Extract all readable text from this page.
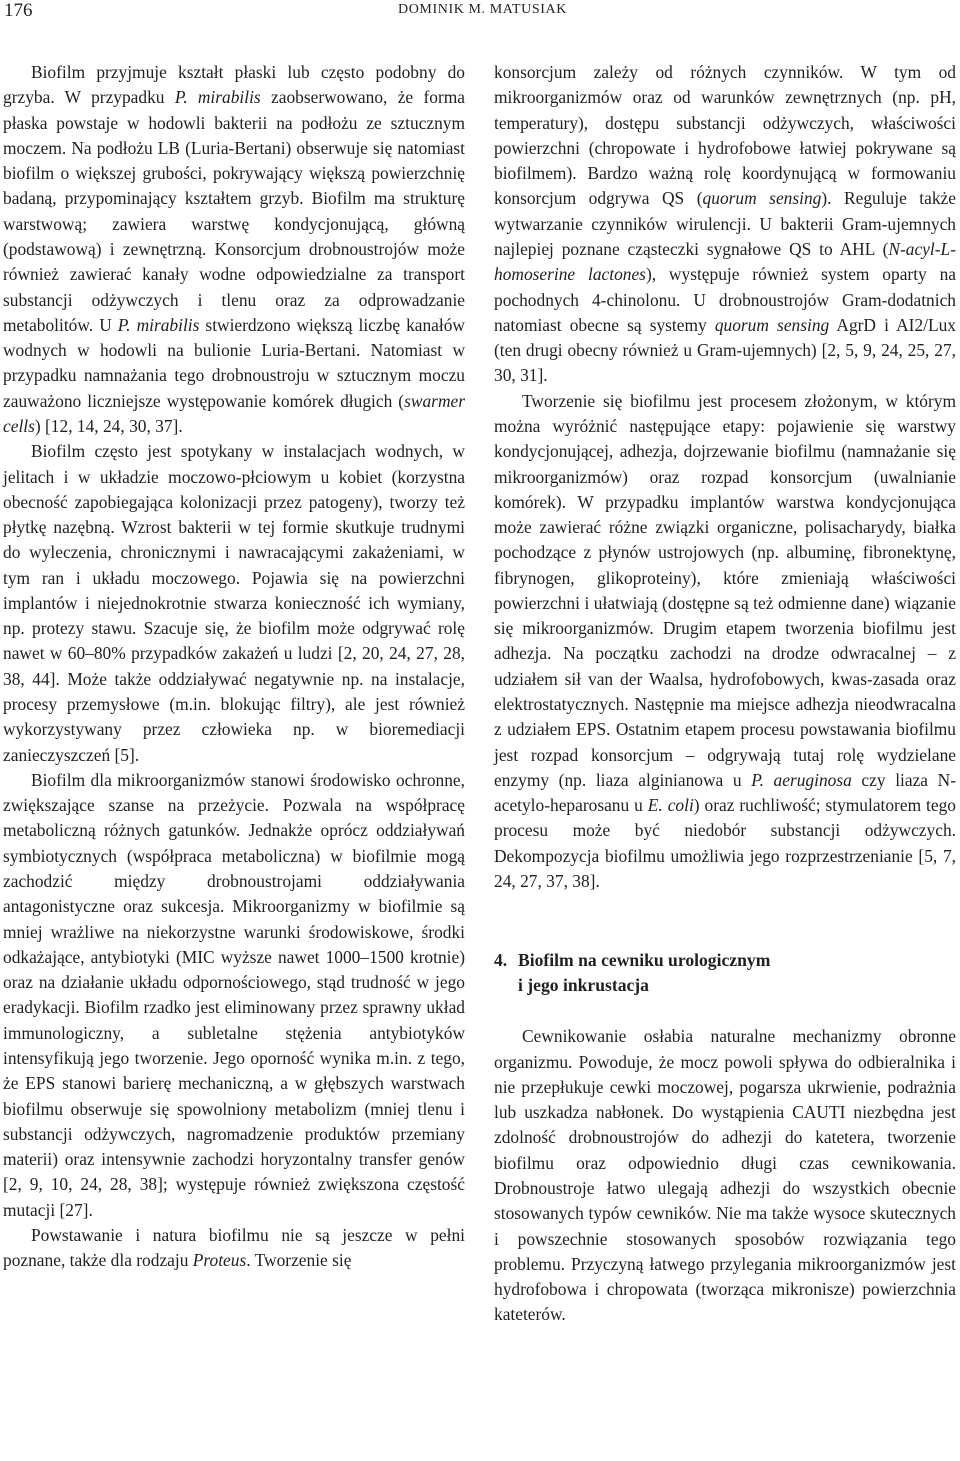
176	DOMINIK M. MATUSIAK

Biofilm przyjmuje kształt płaski lub często podobny do grzyba. W przypadku P. mirabilis zaobserwowano, że forma płaska powstaje w hodowli bakterii na podłożu ze sztucznym moczem. Na podłożu LB (Luria-Bertani) obserwuje się natomiast biofilm o większej grubości, pokrywający większą powierzchnię badaną, przypominający kształtem grzyb. Biofilm ma strukturę warstwową; zawiera warstwę kondycjonującą, główną (podstawową) i zewnętrzną. Konsorcjum drobnoustrojów może również zawierać kanały wodne odpowiedzialne za transport substancji odżywczych i tlenu oraz za odprowadzanie metabolitów. U P. mirabilis stwierdzono większą liczbę kanałów wodnych w hodowli na bulionie Luria-Bertani. Natomiast w przypadku namnażania tego drobnoustroju w sztucznym moczu zauważono liczniejsze występowanie komórek długich (swarmer cells) [12, 14, 24, 30, 37].

Biofilm często jest spotykany w instalacjach wodnych, w jelitach i w układzie moczowo-płciowym u kobiet (korzystna obecność zapobiegająca kolonizacji przez patogeny), tworzy też płytkę nazębną. Wzrost bakterii w tej formie skutkuje trudnymi do wyleczenia, chronicznymi i nawracającymi zakażeniami, w tym ran i układu moczowego. Pojawia się na powierzchni implantów i niejednokrotnie stwarza konieczność ich wymiany, np. protezy stawu. Szacuje się, że biofilm może odgrywać rolę nawet w 60–80% przypadków zakażeń u ludzi [2, 20, 24, 27, 28, 38, 44]. Może także oddziaływać negatywnie np. na instalacje, procesy przemysłowe (m.in. blokując filtry), ale jest również wykorzystywany przez człowieka np. w bioremediacji zanieczyszczeń [5].

Biofilm dla mikroorganizmów stanowi środowisko ochronne, zwiększające szanse na przeżycie. Pozwala na współpracę metaboliczną różnych gatunków. Jednakże oprócz oddziaływań symbiotycznych (współpraca metaboliczna) w biofilmie mogą zachodzić między drobnoustrojami oddziaływania antagonistyczne oraz sukcesja. Mikroorganizmy w biofilmie są mniej wrażliwe na niekorzystne warunki środowiskowe, środki odkażające, antybiotyki (MIC wyższe nawet 1000–1500 krotnie) oraz na działanie układu odpornościowego, stąd trudność w jego eradykacji. Biofilm rzadko jest eliminowany przez sprawny układ immunologiczny, a subletalne stężenia antybiotyków intensyfikują jego tworzenie. Jego oporność wynika m.in. z tego, że EPS stanowi barierę mechaniczną, a w głębszych warstwach biofilmu obserwuje się spowolniony metabolizm (mniej tlenu i substancji odżywczych, nagromadzenie produktów przemiany materii) oraz intensywnie zachodzi horyzontalny transfer genów [2, 9, 10, 24, 28, 38]; występuje również zwiększona częstość mutacji [27].

Powstawanie i natura biofilmu nie są jeszcze w pełni poznane, także dla rodzaju Proteus. Tworzenie się

konsorcjum zależy od różnych czynników. W tym od mikroorganizmów oraz od warunków zewnętrznych (np. pH, temperatury), dostępu substancji odżywczych, właściwości powierzchni (chropowate i hydrofobowe łatwiej pokrywane są biofilmem). Bardzo ważną rolę koordynującą w formowaniu konsorcjum odgrywa QS (quorum sensing). Reguluje także wytwarzanie czynników wirulencji. U bakterii Gram-ujemnych najlepiej poznane cząsteczki sygnałowe QS to AHL (N-acyl-L-homoserine lactones), występuje również system oparty na pochodnych 4-chinolonu. U drobnoustrojów Gram-dodatnich natomiast obecne są systemy quorum sensing AgrD i AI2/Lux (ten drugi obecny również u Gram-ujemnych) [2, 5, 9, 24, 25, 27, 30, 31].

Tworzenie się biofilmu jest procesem złożonym, w którym można wyróżnić następujące etapy: pojawienie się warstwy kondycjonującej, adhezja, dojrzewanie biofilmu (namnażanie się mikroorganizmów) oraz rozpad konsorcjum (uwalnianie komórek). W przypadku implantów warstwa kondycjonująca może zawierać różne związki organiczne, polisacharydy, białka pochodzące z płynów ustrojowych (np. albuminę, fibronektynę, fibrynogen, glikoproteiny), które zmieniają właściwości powierzchni i ułatwiają (dostępne są też odmienne dane) wiązanie się mikroorganizmów. Drugim etapem tworzenia biofilmu jest adhezja. Na początku zachodzi na drodze odwracalnej – z udziałem sił van der Waalsa, hydrofobowych, kwas-zasada oraz elektrostatycznych. Następnie ma miejsce adhezja nieodwracalna z udziałem EPS. Ostatnim etapem procesu powstawania biofilmu jest rozpad konsorcjum – odgrywają tutaj rolę wydzielane enzymy (np. liaza alginianowa u P. aeruginosa czy liaza N-acetylo-heparosanu u E. coli) oraz ruchliwość; stymulatorem tego procesu może być niedobór substancji odżywczych. Dekompozycja biofilmu umożliwia jego rozprzestrzenianie [5, 7, 24, 27, 37, 38].

4. Biofilm na cewniku urologicznym
i jego inkrustacja

Cewnikowanie osłabia naturalne mechanizmy obronne organizmu. Powoduje, że mocz powoli spływa do odbieralnika i nie przepłukuje cewki moczowej, pogarsza ukrwienie, podrażnia lub uszkadza nabłonek. Do wystąpienia CAUTI niezbędna jest zdolność drobnoustrojów do adhezji do katetera, tworzenie biofilmu oraz odpowiednio długi czas cewnikowania. Drobnoustroje łatwo ulegają adhezji do wszystkich obecnie stosowanych typów cewników. Nie ma także wysoce skutecznych i powszechnie stosowanych sposobów rozwiązania tego problemu. Przyczyną łatwego przylegania mikroorganizmów jest hydrofobowa i chropowata (tworząca mikronisze) powierzchnia kateterów.
